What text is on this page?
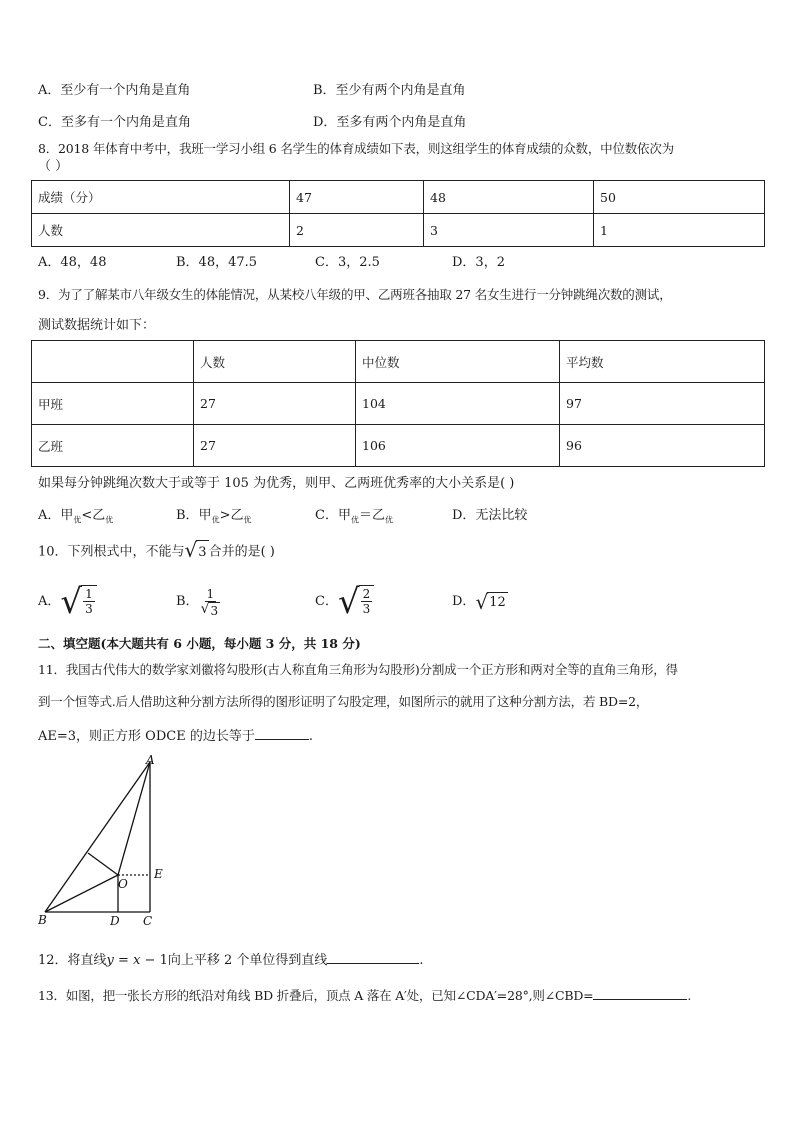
A．至少有一个内角是直角	B．至少有两个内角是直角
C．至多有一个内角是直角	D．至多有两个内角是直角
8．2018 年体育中考中，我班一学习小组 6 名学生的体育成绩如下表，则这组学生的体育成绩的众数，中位数依次为
（ ）
成绩（分）	47	48	50
人数	2	3	1
A．48，48	B．48，47.5	C．3，2.5	D．3，2
9．为了了解某市八年级女生的体能情况，从某校八年级的甲、乙两班各抽取 27 名女生进行一分钟跳绳次数的测试，
测试数据统计如下：
	人数	中位数	平均数
甲班	27	104	97
乙班	27	106	96
如果每分钟跳绳次数大于或等于 105 为优秀，则甲、乙两班优秀率的大小关系是( )
A．甲$_优$<乙$_优$	B．甲$_优$>乙$_优$	C．甲$_优$＝乙$_优$	D．无法比较
10．下列根式中，不能与 √ 3 合并的是( )
A． √ $\frac{1}{3}$	B． $\frac{1}{√ 3}$	C． √ $\frac{2}{3}$	D． √ 12
二、填空题(本大题共有 6 小题，每小题 3 分，共 18 分)
11．我国古代伟大的数学家刘徽将勾股形(古人称直角三角形为勾股形)分割成一个正方形和两对全等的直角三角形，得
到一个恒等式.后人借助这种分割方法所得的图形证明了勾股定理，如图所示的就用了这种分割方法，若 BD=2，
AE=3，则正方形 ODCE 的边长等于	.
A
B	C
D
E
O
12．将直线y = x − 1向上平移 2 个单位得到直线	.
13．如图，把一张长方形的纸沿对角线 BD 折叠后，顶点 A 落在 A′处，已知∠CDA′=28°,则∠CBD=	.
